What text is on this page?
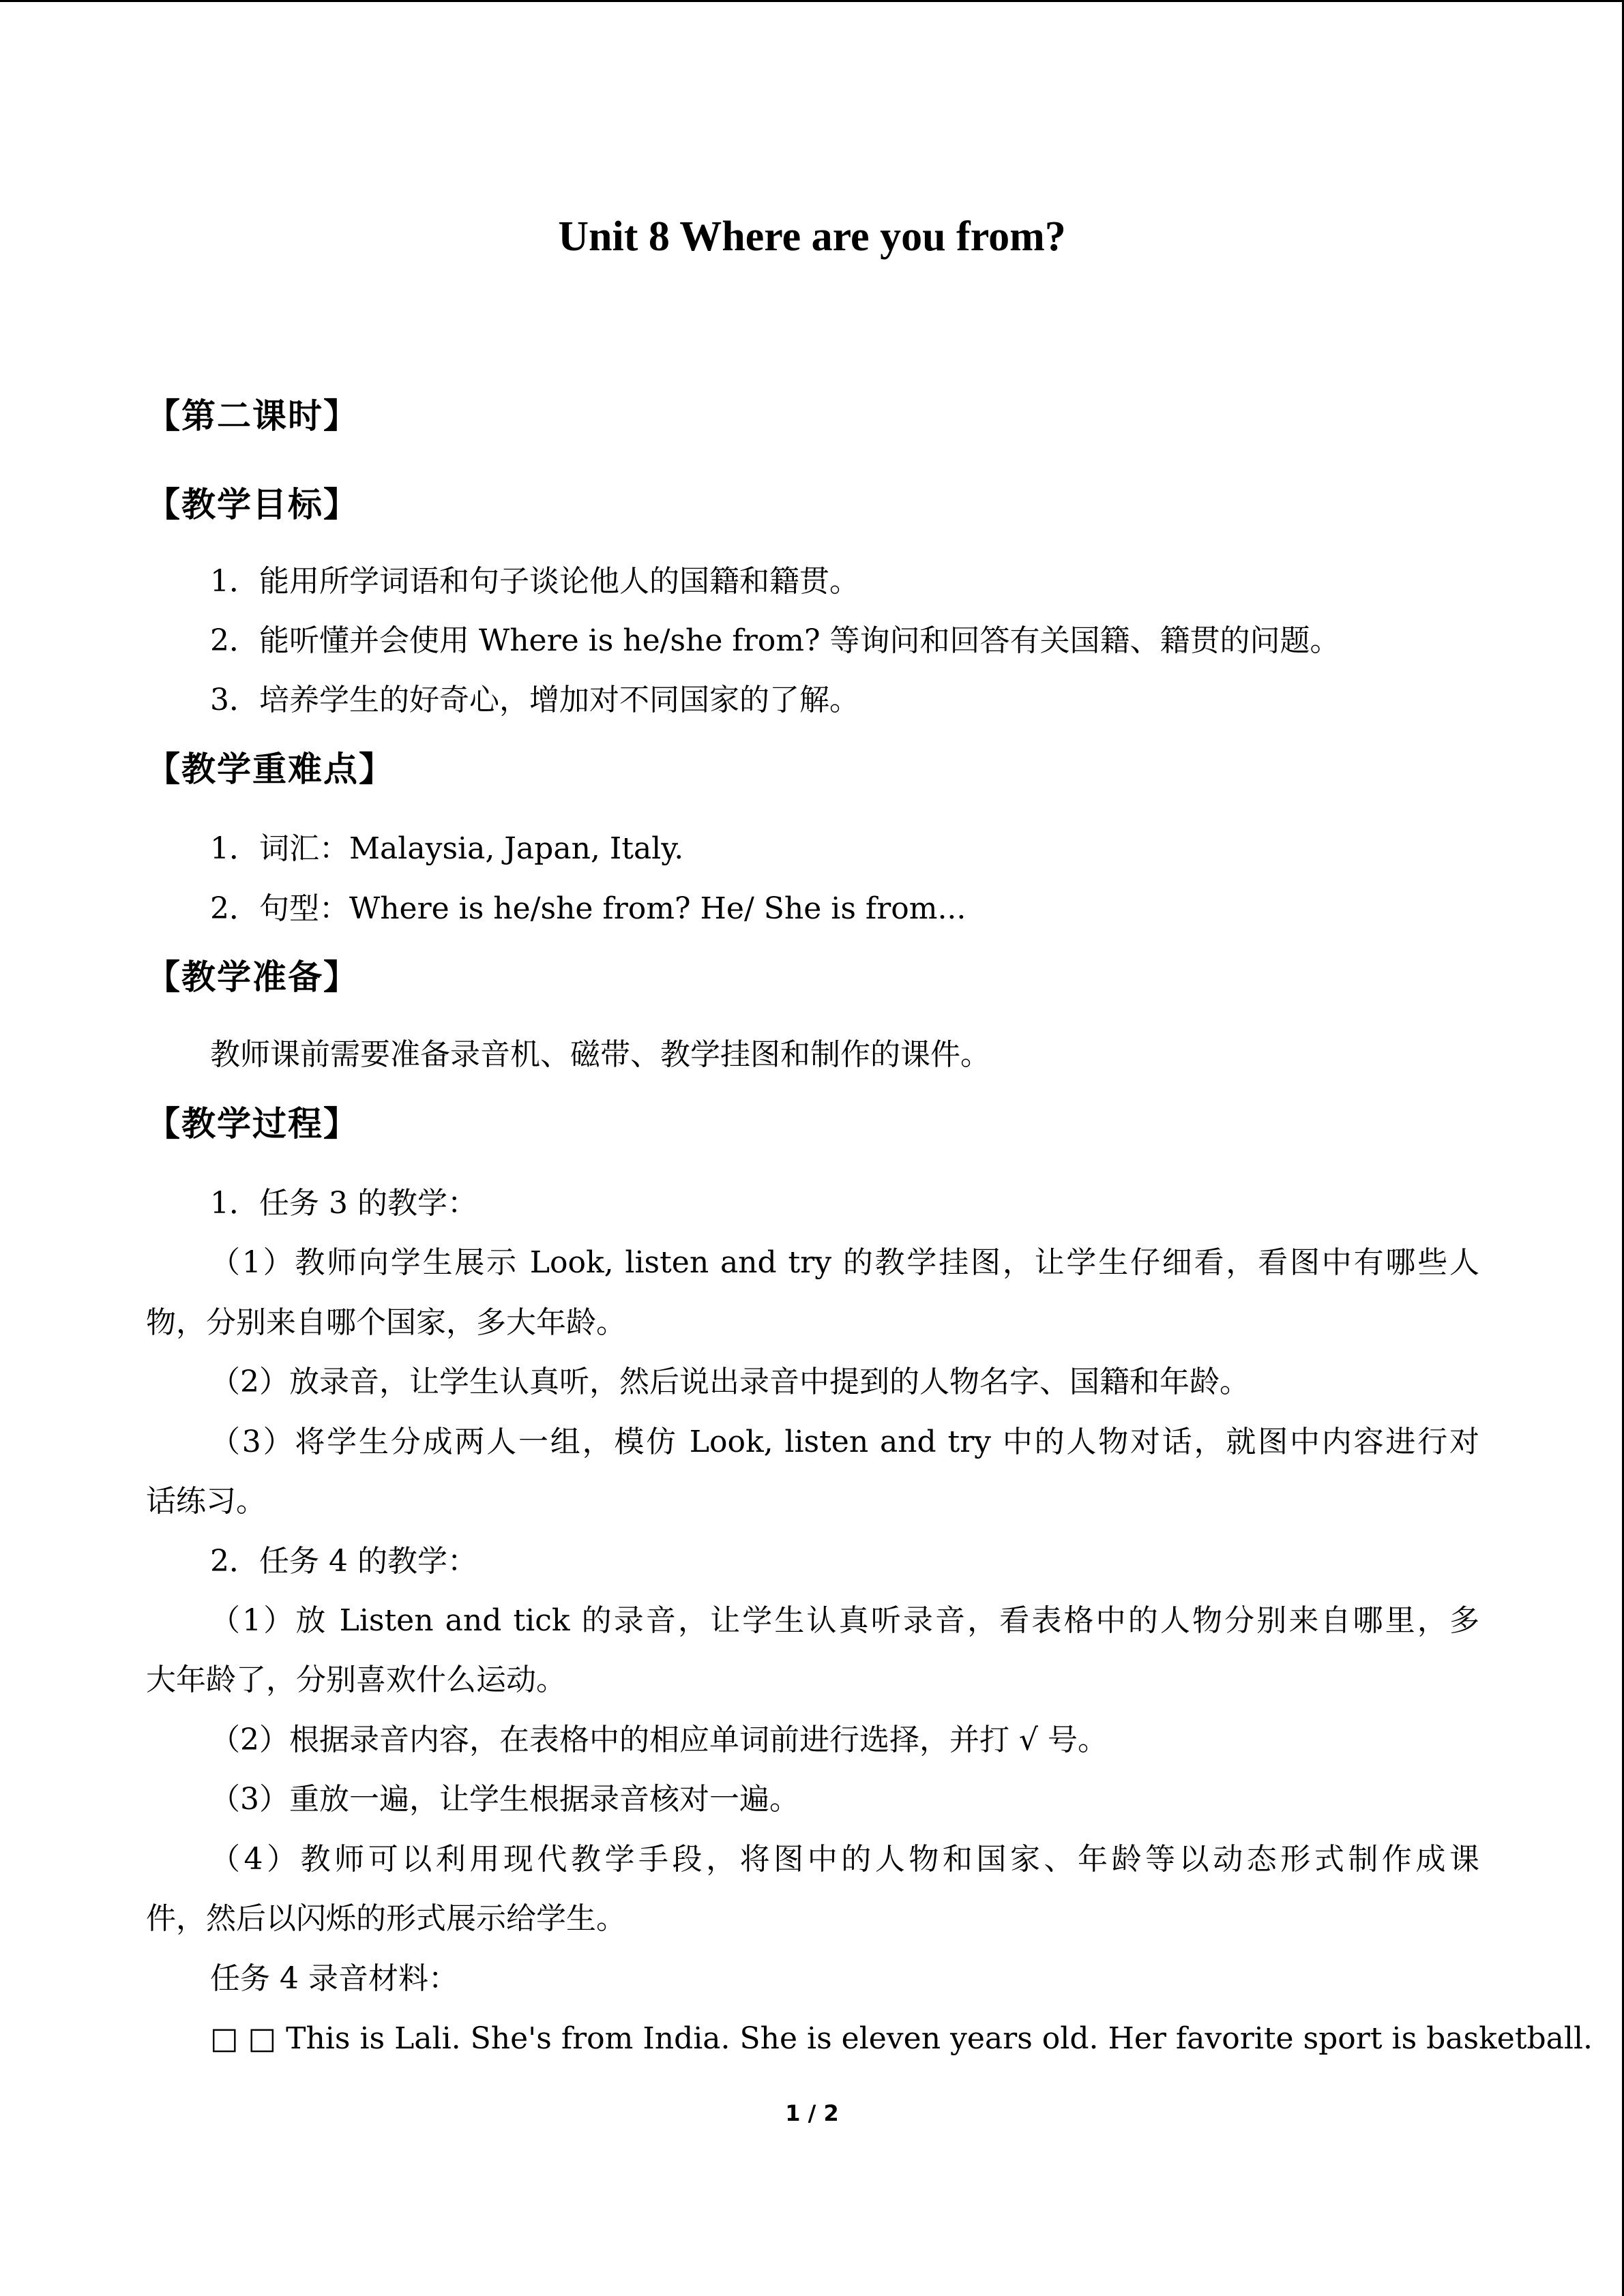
Unit 8 Where are you from?
【第二课时】
【教学目标】
1．能用所学词语和句子谈论他人的国籍和籍贯。
2．能听懂并会使用 Where is he/she from? 等询问和回答有关国籍、籍贯的问题。
3．培养学生的好奇心，增加对不同国家的了解。
【教学重难点】
1．词汇：Malaysia, Japan, Italy.
2．句型：Where is he/she from? He/ She is from...
【教学准备】
教师课前需要准备录音机、磁带、教学挂图和制作的课件。
【教学过程】
1．任务 3 的教学：
（1）教师向学生展示 Look, listen and try 的教学挂图，让学生仔细看，看图中有哪些人
物，分别来自哪个国家，多大年龄。
（2）放录音，让学生认真听，然后说出录音中提到的人物名字、国籍和年龄。
（3）将学生分成两人一组，模仿 Look, listen and try 中的人物对话，就图中内容进行对
话练习。
2．任务 4 的教学：
（1）放 Listen and tick 的录音，让学生认真听录音，看表格中的人物分别来自哪里，多
大年龄了，分别喜欢什么运动。
（2）根据录音内容，在表格中的相应单词前进行选择，并打 √ 号。
（3）重放一遍，让学生根据录音核对一遍。
（4）教师可以利用现代教学手段，将图中的人物和国家、年龄等以动态形式制作成课
件，然后以闪烁的形式展示给学生。
任务 4 录音材料：
□ □ This is Lali. She's from India. She is eleven years old. Her favorite sport is basketball.
1 / 2
